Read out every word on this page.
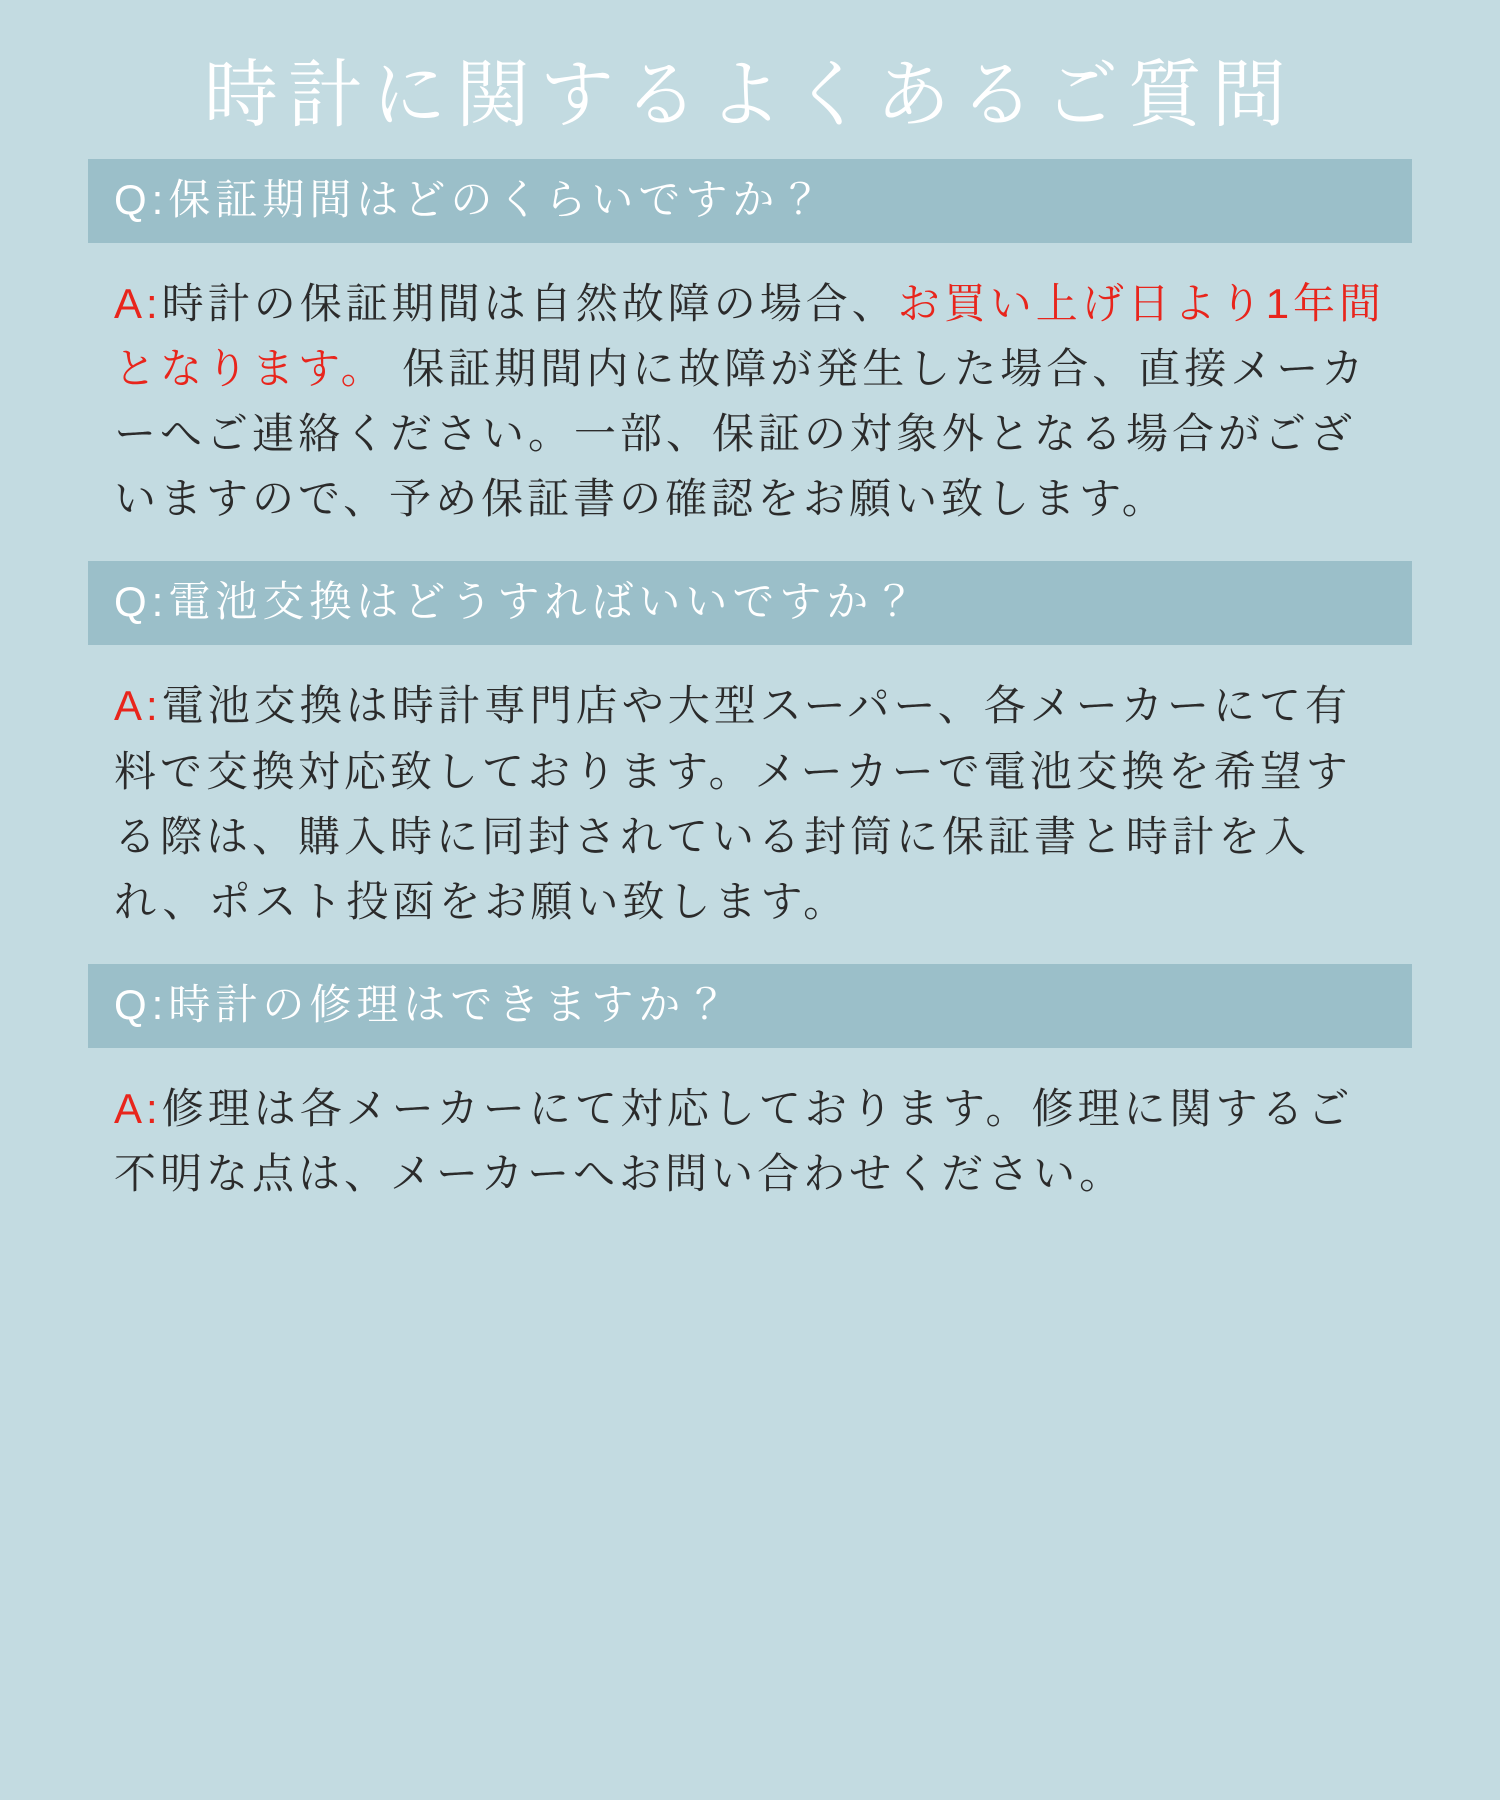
時計に関するよくあるご質問
Q:保証期間はどのくらいですか？
A:時計の保証期間は自然故障の場合、お買い上げ日より1年間となります。 保証期間内に故障が発生した場合、直接メーカーへご連絡ください。一部、保証の対象外となる場合がございますので、予め保証書の確認をお願い致します。
Q:電池交換はどうすればいいですか？
A:電池交換は時計専門店や大型スーパー、各メーカーにて有料で交換対応致しております。メーカーで電池交換を希望する際は、購入時に同封されている封筒に保証書と時計を入れ、ポスト投函をお願い致します。
Q:時計の修理はできますか？
A:修理は各メーカーにて対応しております。修理に関するご不明な点は、メーカーへお問い合わせください。
